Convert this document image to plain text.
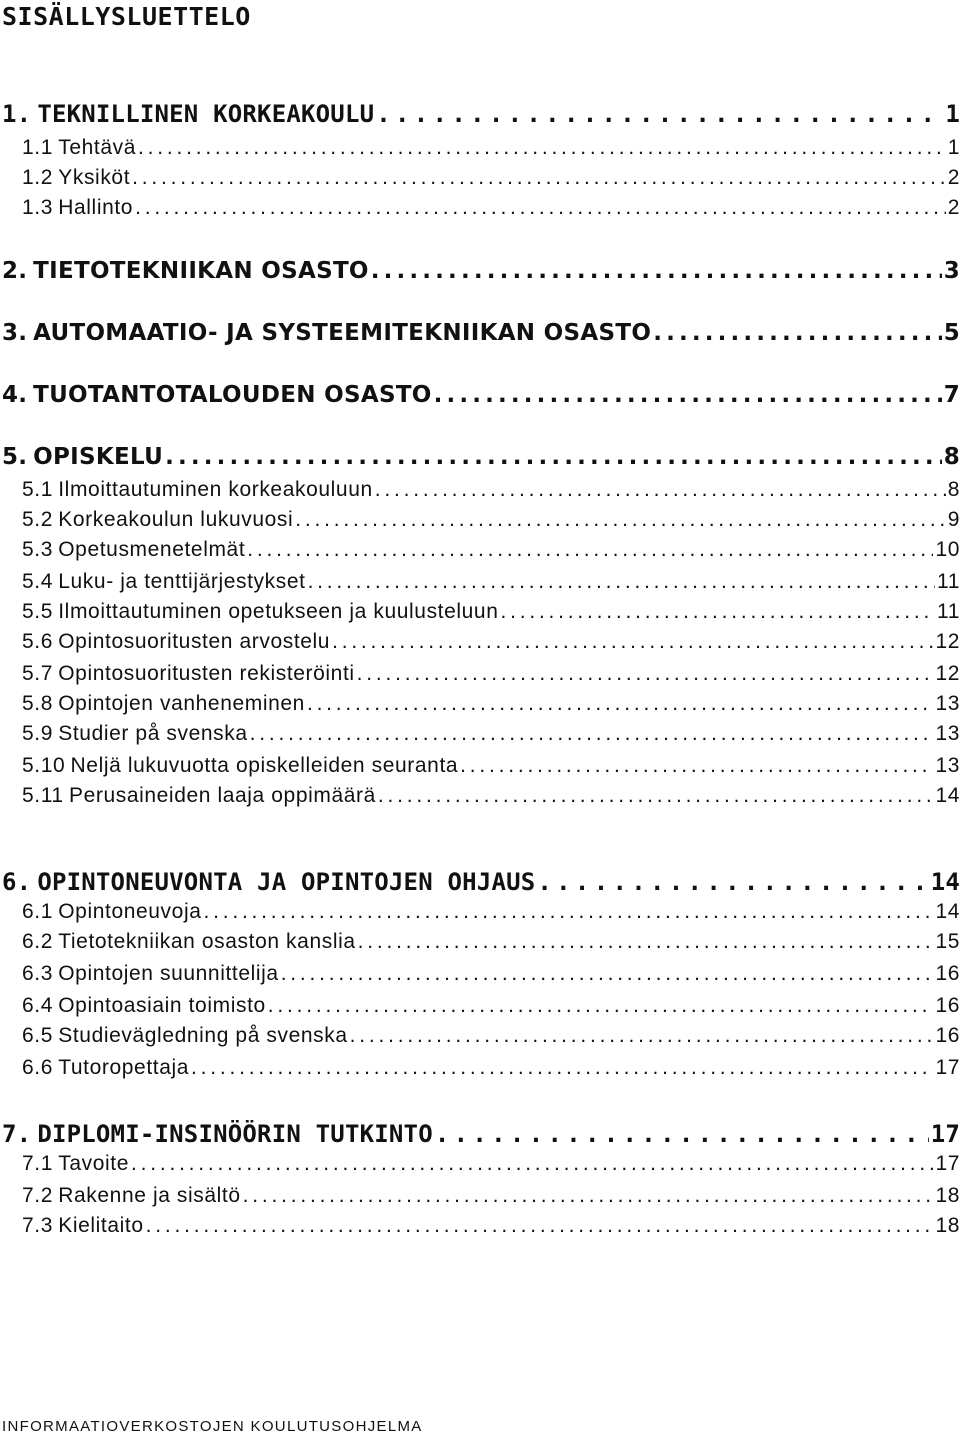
SISÄLLYSLUETTELO
1. TEKNILLINEN KORKEAKOULU .....	1
1.1 Tehtävä .....	1
1.2 Yksiköt .....	2
1.3 Hallinto .....	2
2. TIETOTEKNIIKAN OSASTO .....	3
3. AUTOMAATIO- JA SYSTEEMITEKNIIKAN OSASTO .....	5
4. TUOTANTOTALOUDEN OSASTO .....	7
5. OPISKELU .....	8
5.1 Ilmoittautuminen korkeakouluun .....	8
5.2 Korkeakoulun lukuvuosi .....	9
5.3 Opetusmenetelmät .....	10
5.4 Luku- ja tenttijärjestykset .....	11
5.5 Ilmoittautuminen opetukseen ja kuulusteluun .....	11
5.6 Opintosuoritusten arvostelu .....	12
5.7 Opintosuoritusten rekisteröinti .....	12
5.8 Opintojen vanheneminen .....	13
5.9 Studier på svenska .....	13
5.10 Neljä lukuvuotta opiskelleiden seuranta .....	13
5.11 Perusaineiden laaja oppimäärä .....	14
6. OPINTONEUVONTA JA OPINTOJEN OHJAUS .....	14
6.1 Opintoneuvoja .....	14
6.2 Tietotekniikan osaston kanslia .....	15
6.3 Opintojen suunnittelija .....	16
6.4 Opintoasiain toimisto .....	16
6.5 Studievägledning på svenska .....	16
6.6 Tutoropettaja .....	17
7. DIPLOMI-INSINÖÖRIN TUTKINTO .....	17
7.1 Tavoite .....	17
7.2 Rakenne ja sisältö .....	18
7.3 Kielitaito .....	18
INFORMAATIOVERKOSTOJEN KOULUTUSOHJELMA
